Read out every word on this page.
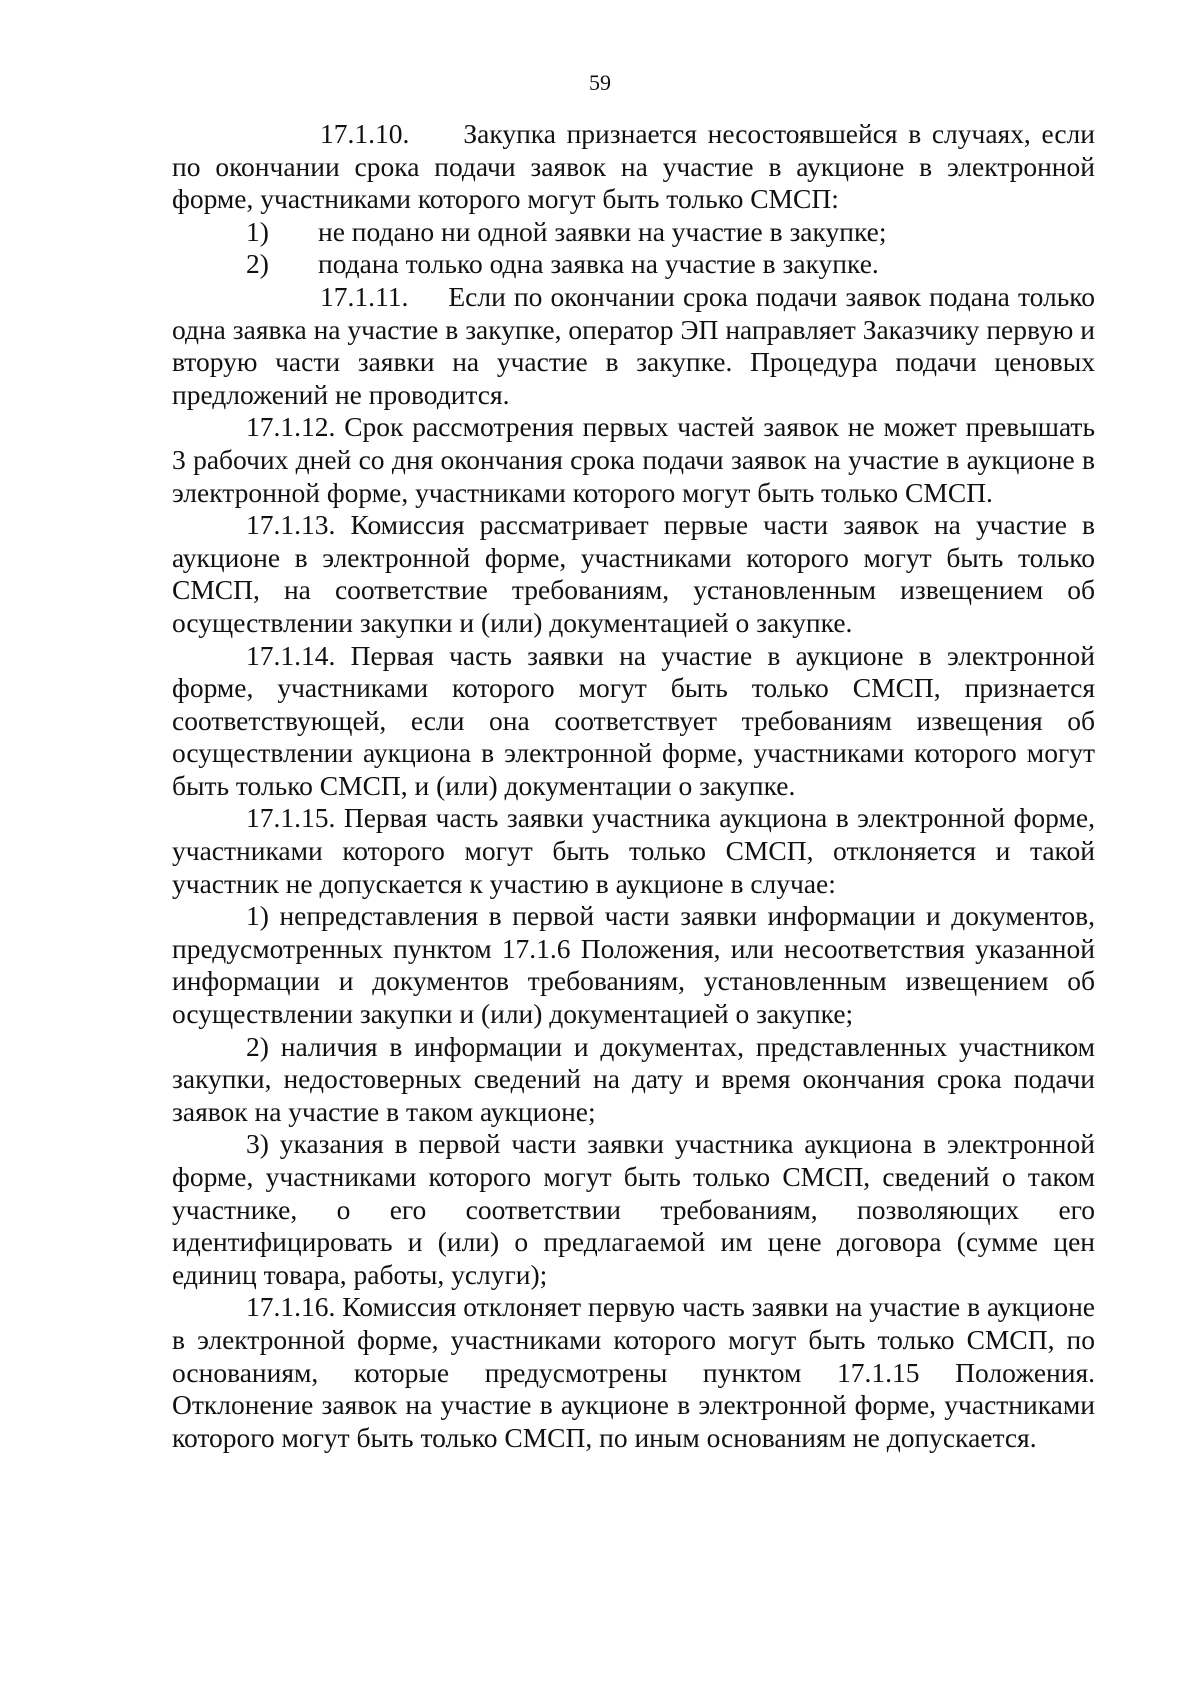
59

17.1.10. Закупка признается несостоявшейся в случаях, если по окончании срока подачи заявок на участие в аукционе в электронной форме, участниками которого могут быть только СМСП:

1) не подано ни одной заявки на участие в закупке;

2) подана только одна заявка на участие в закупке.

17.1.11. Если по окончании срока подачи заявок подана только одна заявка на участие в закупке, оператор ЭП направляет Заказчику первую и вторую части заявки на участие в закупке. Процедура подачи ценовых предложений не проводится.

17.1.12. Срок рассмотрения первых частей заявок не может превышать 3 рабочих дней со дня окончания срока подачи заявок на участие в аукционе в электронной форме, участниками которого могут быть только СМСП.

17.1.13. Комиссия рассматривает первые части заявок на участие в аукционе в электронной форме, участниками которого могут быть только СМСП, на соответствие требованиям, установленным извещением об осуществлении закупки и (или) документацией о закупке.

17.1.14. Первая часть заявки на участие в аукционе в электронной форме, участниками которого могут быть только СМСП, признается соответствующей, если она соответствует требованиям извещения об осуществлении аукциона в электронной форме, участниками которого могут быть только СМСП, и (или) документации о закупке.

17.1.15. Первая часть заявки участника аукциона в электронной форме, участниками которого могут быть только СМСП, отклоняется и такой участник не допускается к участию в аукционе в случае:

1) непредставления в первой части заявки информации и документов, предусмотренных пунктом 17.1.6 Положения, или несоответствия указанной информации и документов требованиям, установленным извещением об осуществлении закупки и (или) документацией о закупке;

2) наличия в информации и документах, представленных участником закупки, недостоверных сведений на дату и время окончания срока подачи заявок на участие в таком аукционе;

3) указания в первой части заявки участника аукциона в электронной форме, участниками которого могут быть только СМСП, сведений о таком участнике, о его соответствии требованиям, позволяющих его идентифицировать и (или) о предлагаемой им цене договора (сумме цен единиц товара, работы, услуги);

17.1.16. Комиссия отклоняет первую часть заявки на участие в аукционе в электронной форме, участниками которого могут быть только СМСП, по основаниям, которые предусмотрены пунктом 17.1.15 Положения. Отклонение заявок на участие в аукционе в электронной форме, участниками которого могут быть только СМСП, по иным основаниям не допускается.
